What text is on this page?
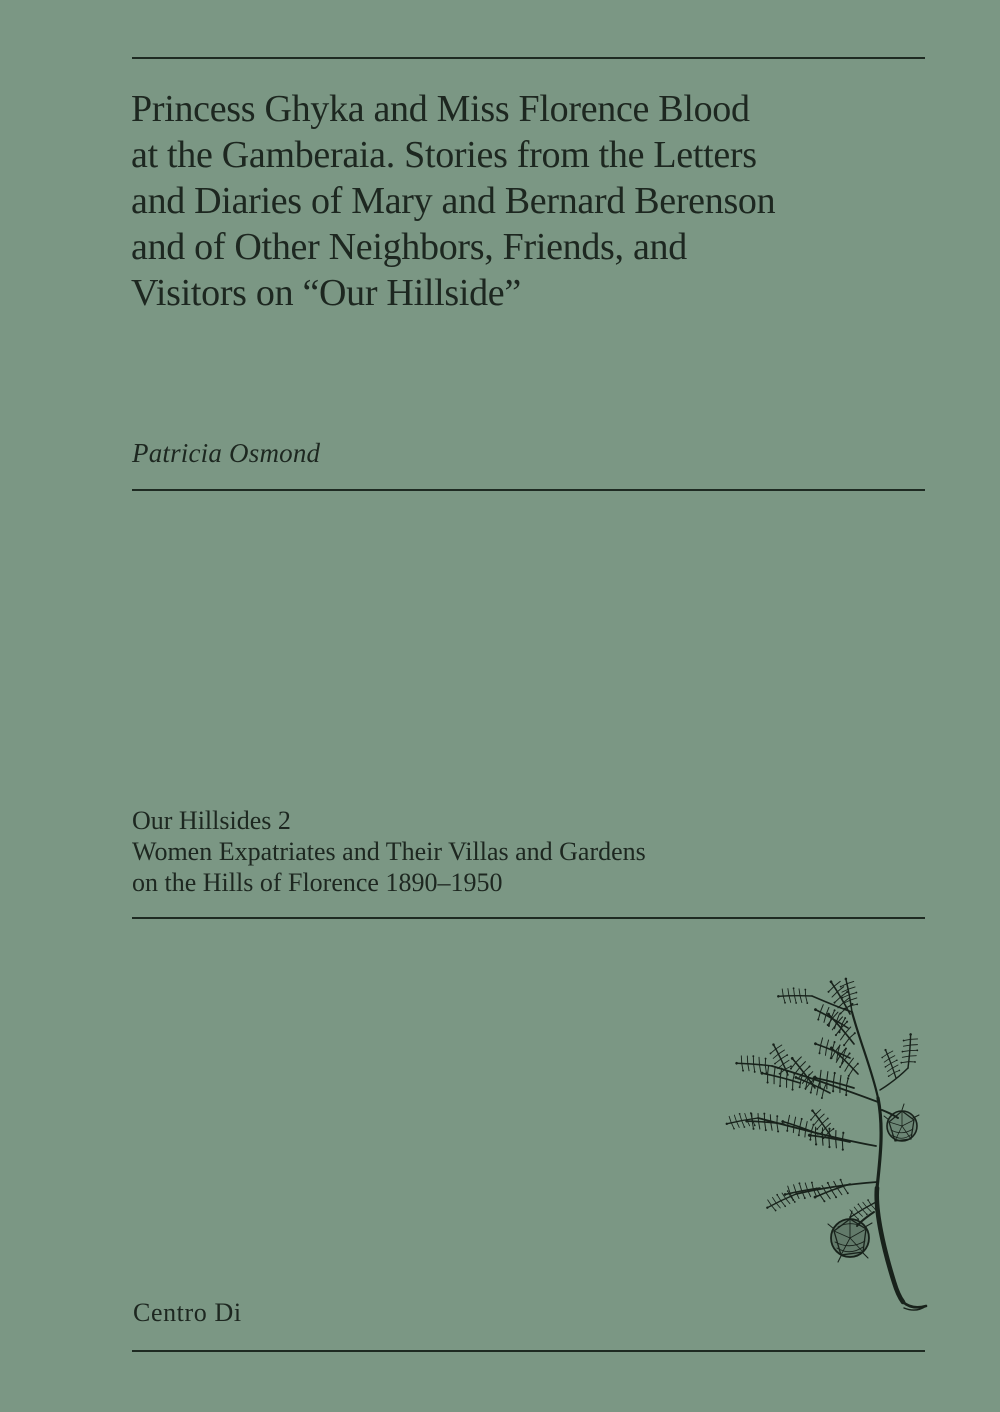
Princess Ghyka and Miss Florence Blood
at the Gamberaia. Stories from the Letters
and Diaries of Mary and Bernard Berenson
and of Other Neighbors, Friends, and
Visitors on “Our Hillside”
Patricia Osmond
Our Hillsides 2
Women Expatriates and Their Villas and Gardens
on the Hills of Florence 1890–1950
Centro Di
